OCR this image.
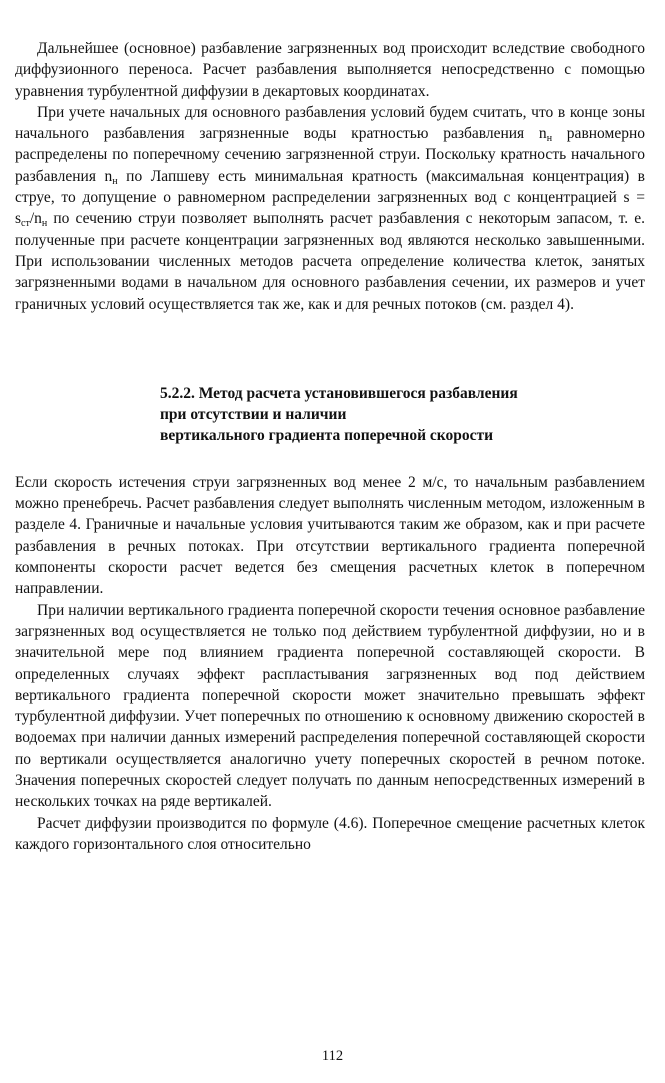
Дальнейшее (основное) разбавление загрязненных вод происходит вследствие свободного диффузионного переноса. Расчет разбавления выполняется непосредственно с помощью уравнения турбулентной диффузии в декартовых координатах.

При учете начальных для основного разбавления условий будем считать, что в конце зоны начального разбавления загрязненные воды кратностью разбавления $n_н$ равномерно распределены по поперечному сечению загрязненной струи. Поскольку кратность начального разбавления $n_н$ по Лапшеву есть минимальная кратность (максимальная концентрация) в струе, то допущение о равномерном распределении загрязненных вод с концентрацией $s = s_{ст}/n_н$ по сечению струи позволяет выполнять расчет разбавления с некоторым запасом, т. е. полученные при расчете концентрации загрязненных вод являются несколько завышенными. При использовании численных методов расчета определение количества клеток, занятых загрязненными водами в начальном для основного разбавления сечении, их размеров и учет граничных условий осуществляется так же, как и для речных потоков (см. раздел 4).

5.2.2. Метод расчета установившегося разбавления

при отсутствии и наличии

вертикального градиента поперечной скорости

Если скорость истечения струи загрязненных вод менее 2 м/с, то начальным разбавлением можно пренебречь. Расчет разбавления следует выполнять численным методом, изложенным в разделе 4. Граничные и начальные условия учитываются таким же образом, как и при расчете разбавления в речных потоках. При отсутствии вертикального градиента поперечной компоненты скорости расчет ведется без смещения расчетных клеток в поперечном направлении.

При наличии вертикального градиента поперечной скорости течения основное разбавление загрязненных вод осуществляется не только под действием турбулентной диффузии, но и в значительной мере под влиянием градиента поперечной составляющей скорости. В определенных случаях эффект распластывания загрязненных вод под действием вертикального градиента поперечной скорости может значительно превышать эффект турбулентной диффузии. Учет поперечных по отношению к основному движению скоростей в водоемах при наличии данных измерений распределения поперечной составляющей скорости по вертикали осуществляется аналогично учету поперечных скоростей в речном потоке. Значения поперечных скоростей следует получать по данным непосредственных измерений в нескольких точках на ряде вертикалей.

Расчет диффузии производится по формуле (4.6). Поперечное смещение расчетных клеток каждого горизонтального слоя относительно

112
